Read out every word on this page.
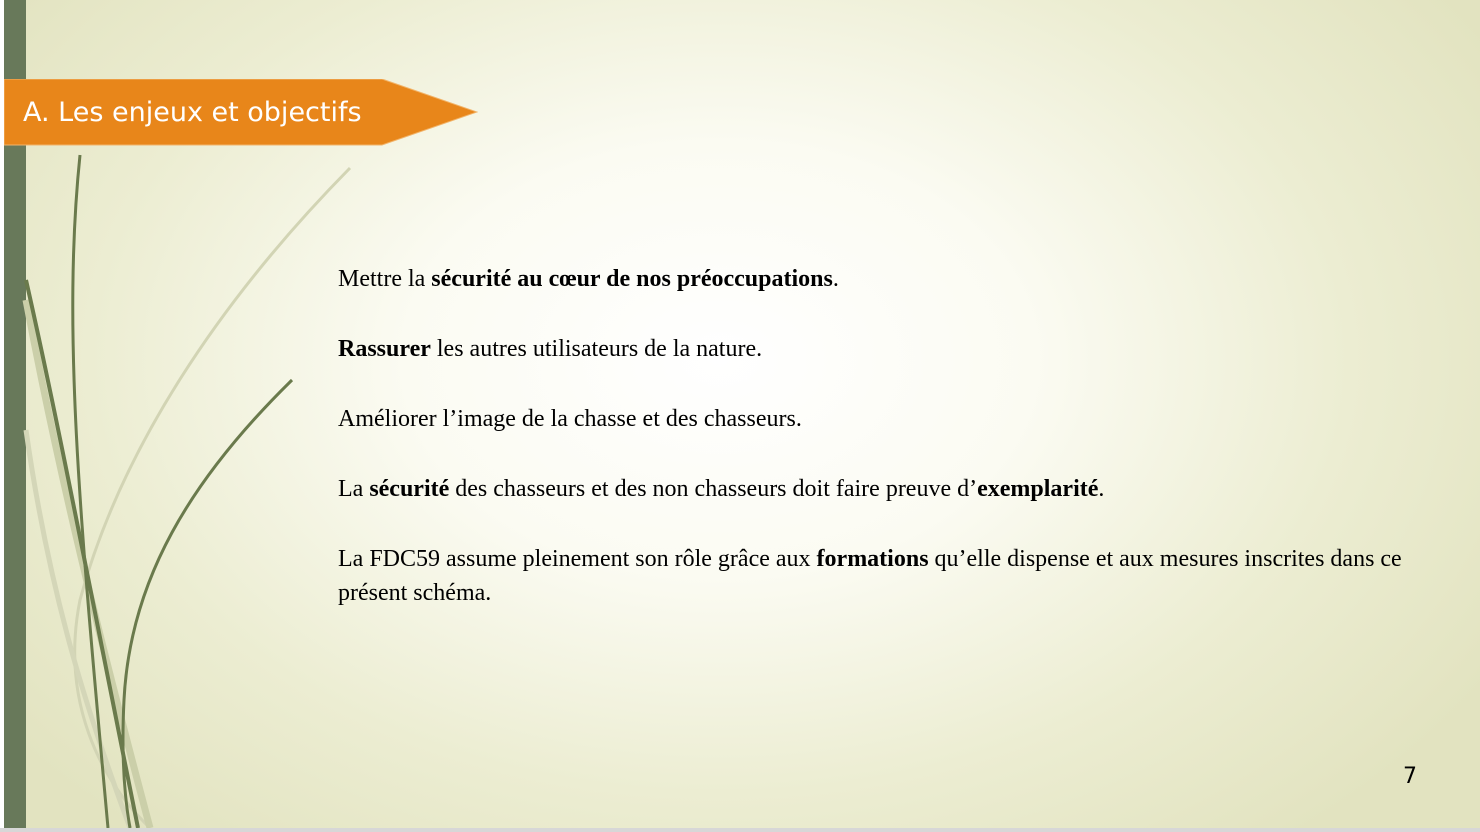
A. Les enjeux et objectifs

Mettre la sécurité au cœur de nos préoccupations.

Rassurer les autres utilisateurs de la nature.

Améliorer l’image de la chasse et des chasseurs.

La sécurité des chasseurs et des non chasseurs doit faire preuve d’exemplarité.

La FDC59 assume pleinement son rôle grâce aux formations qu’elle dispense et aux mesures inscrites dans ce présent schéma.

7
